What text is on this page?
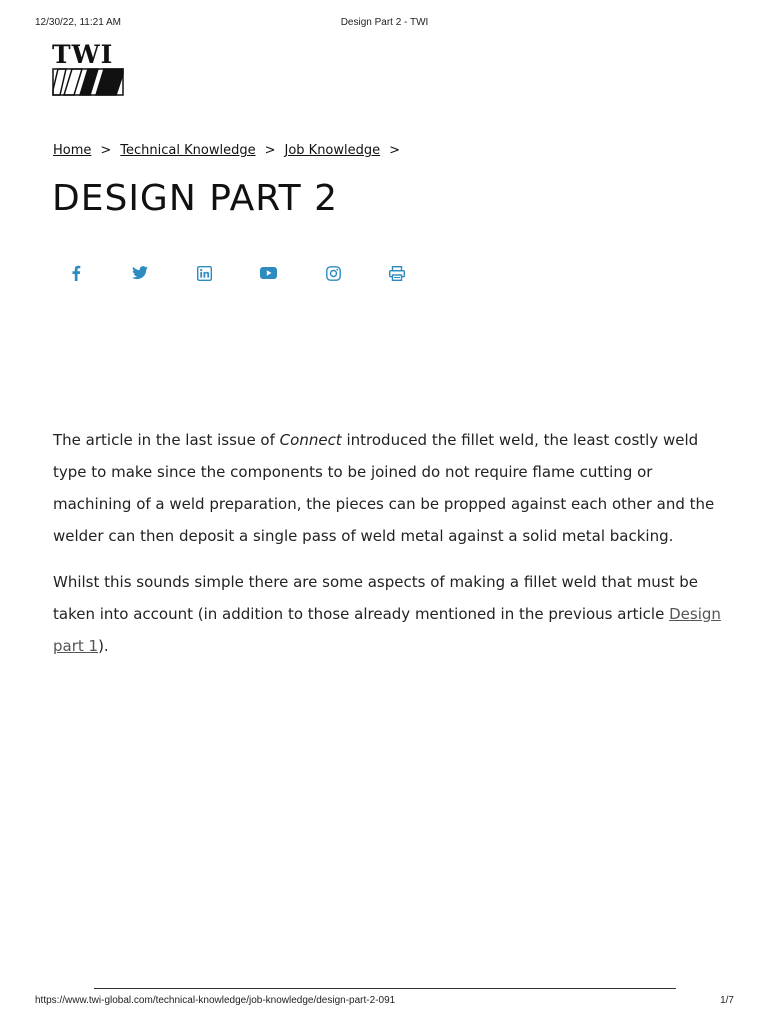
12/30/22, 11:21 AM	Design Part 2 - TWI
TWI
Home > Technical Knowledge > Job Knowledge >
DESIGN PART 2

The article in the last issue of Connect introduced the fillet weld, the least costly weld type to make since the components to be joined do not require flame cutting or machining of a weld preparation, the pieces can be propped against each other and the welder can then deposit a single pass of weld metal against a solid metal backing.

Whilst this sounds simple there are some aspects of making a fillet weld that must be taken into account (in addition to those already mentioned in the previous article Design part 1).

https://www.twi-global.com/technical-knowledge/job-knowledge/design-part-2-091	1/7
